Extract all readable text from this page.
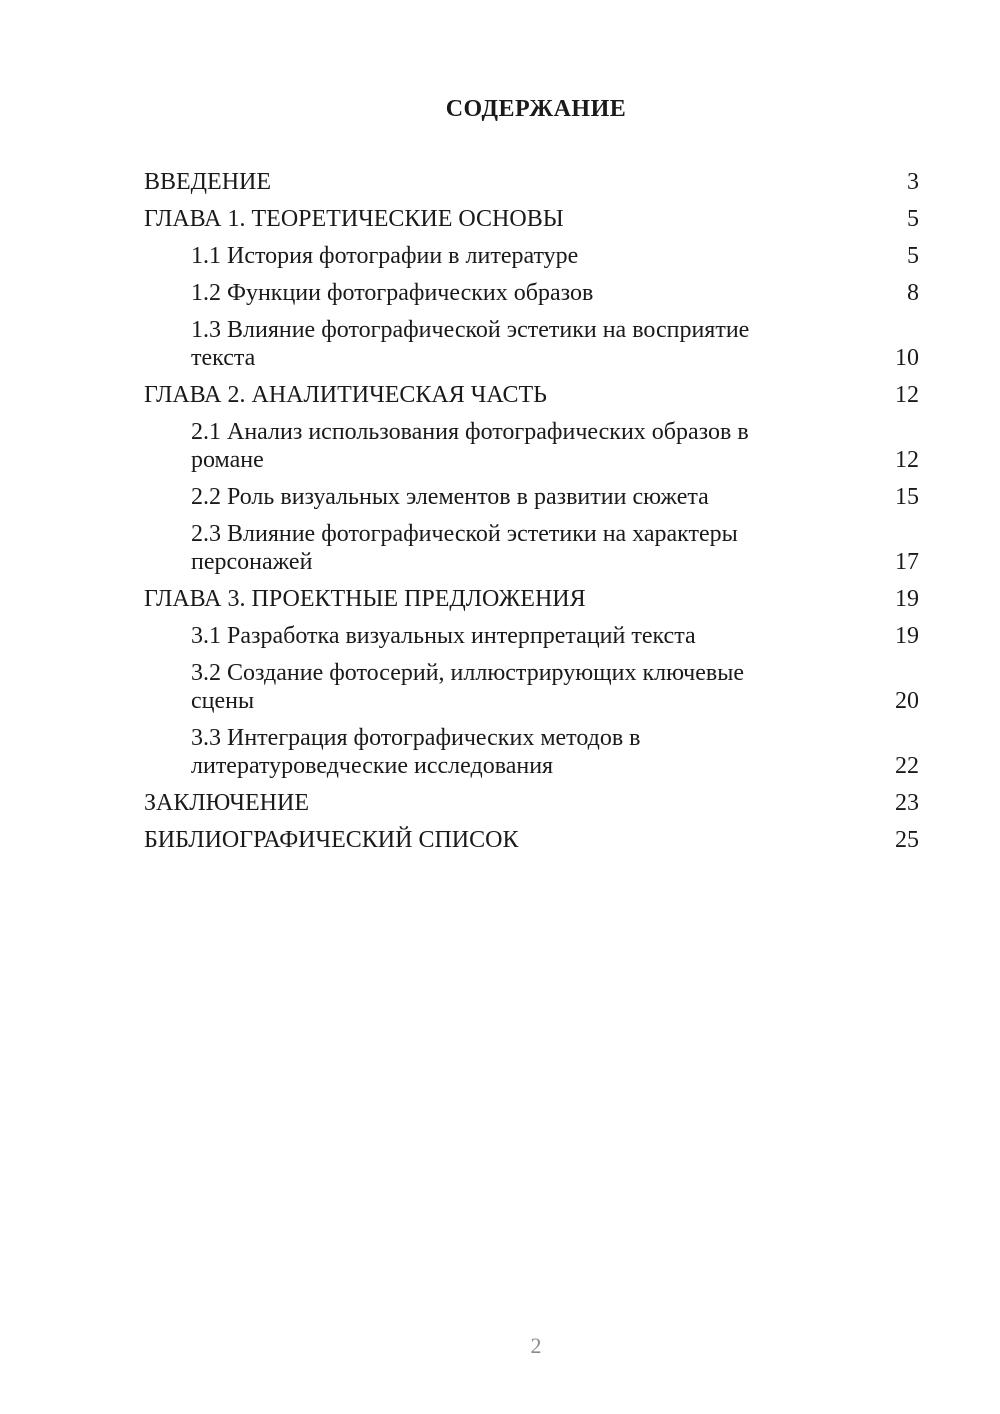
СОДЕРЖАНИЕ
ВВЕДЕНИЕ	3
ГЛАВА 1. ТЕОРЕТИЧЕСКИЕ ОСНОВЫ	5
1.1 История фотографии в литературе	5
1.2 Функции фотографических образов	8
1.3 Влияние фотографической эстетики на восприятие текста	10
ГЛАВА 2. АНАЛИТИЧЕСКАЯ ЧАСТЬ	12
2.1 Анализ использования фотографических образов в романе	12
2.2 Роль визуальных элементов в развитии сюжета	15
2.3 Влияние фотографической эстетики на характеры персонажей	17
ГЛАВА 3. ПРОЕКТНЫЕ ПРЕДЛОЖЕНИЯ	19
3.1 Разработка визуальных интерпретаций текста	19
3.2 Создание фотосерий, иллюстрирующих ключевые сцены	20
3.3 Интеграция фотографических методов в литературоведческие исследования	22
ЗАКЛЮЧЕНИЕ	23
БИБЛИОГРАФИЧЕСКИЙ СПИСОК	25
2
